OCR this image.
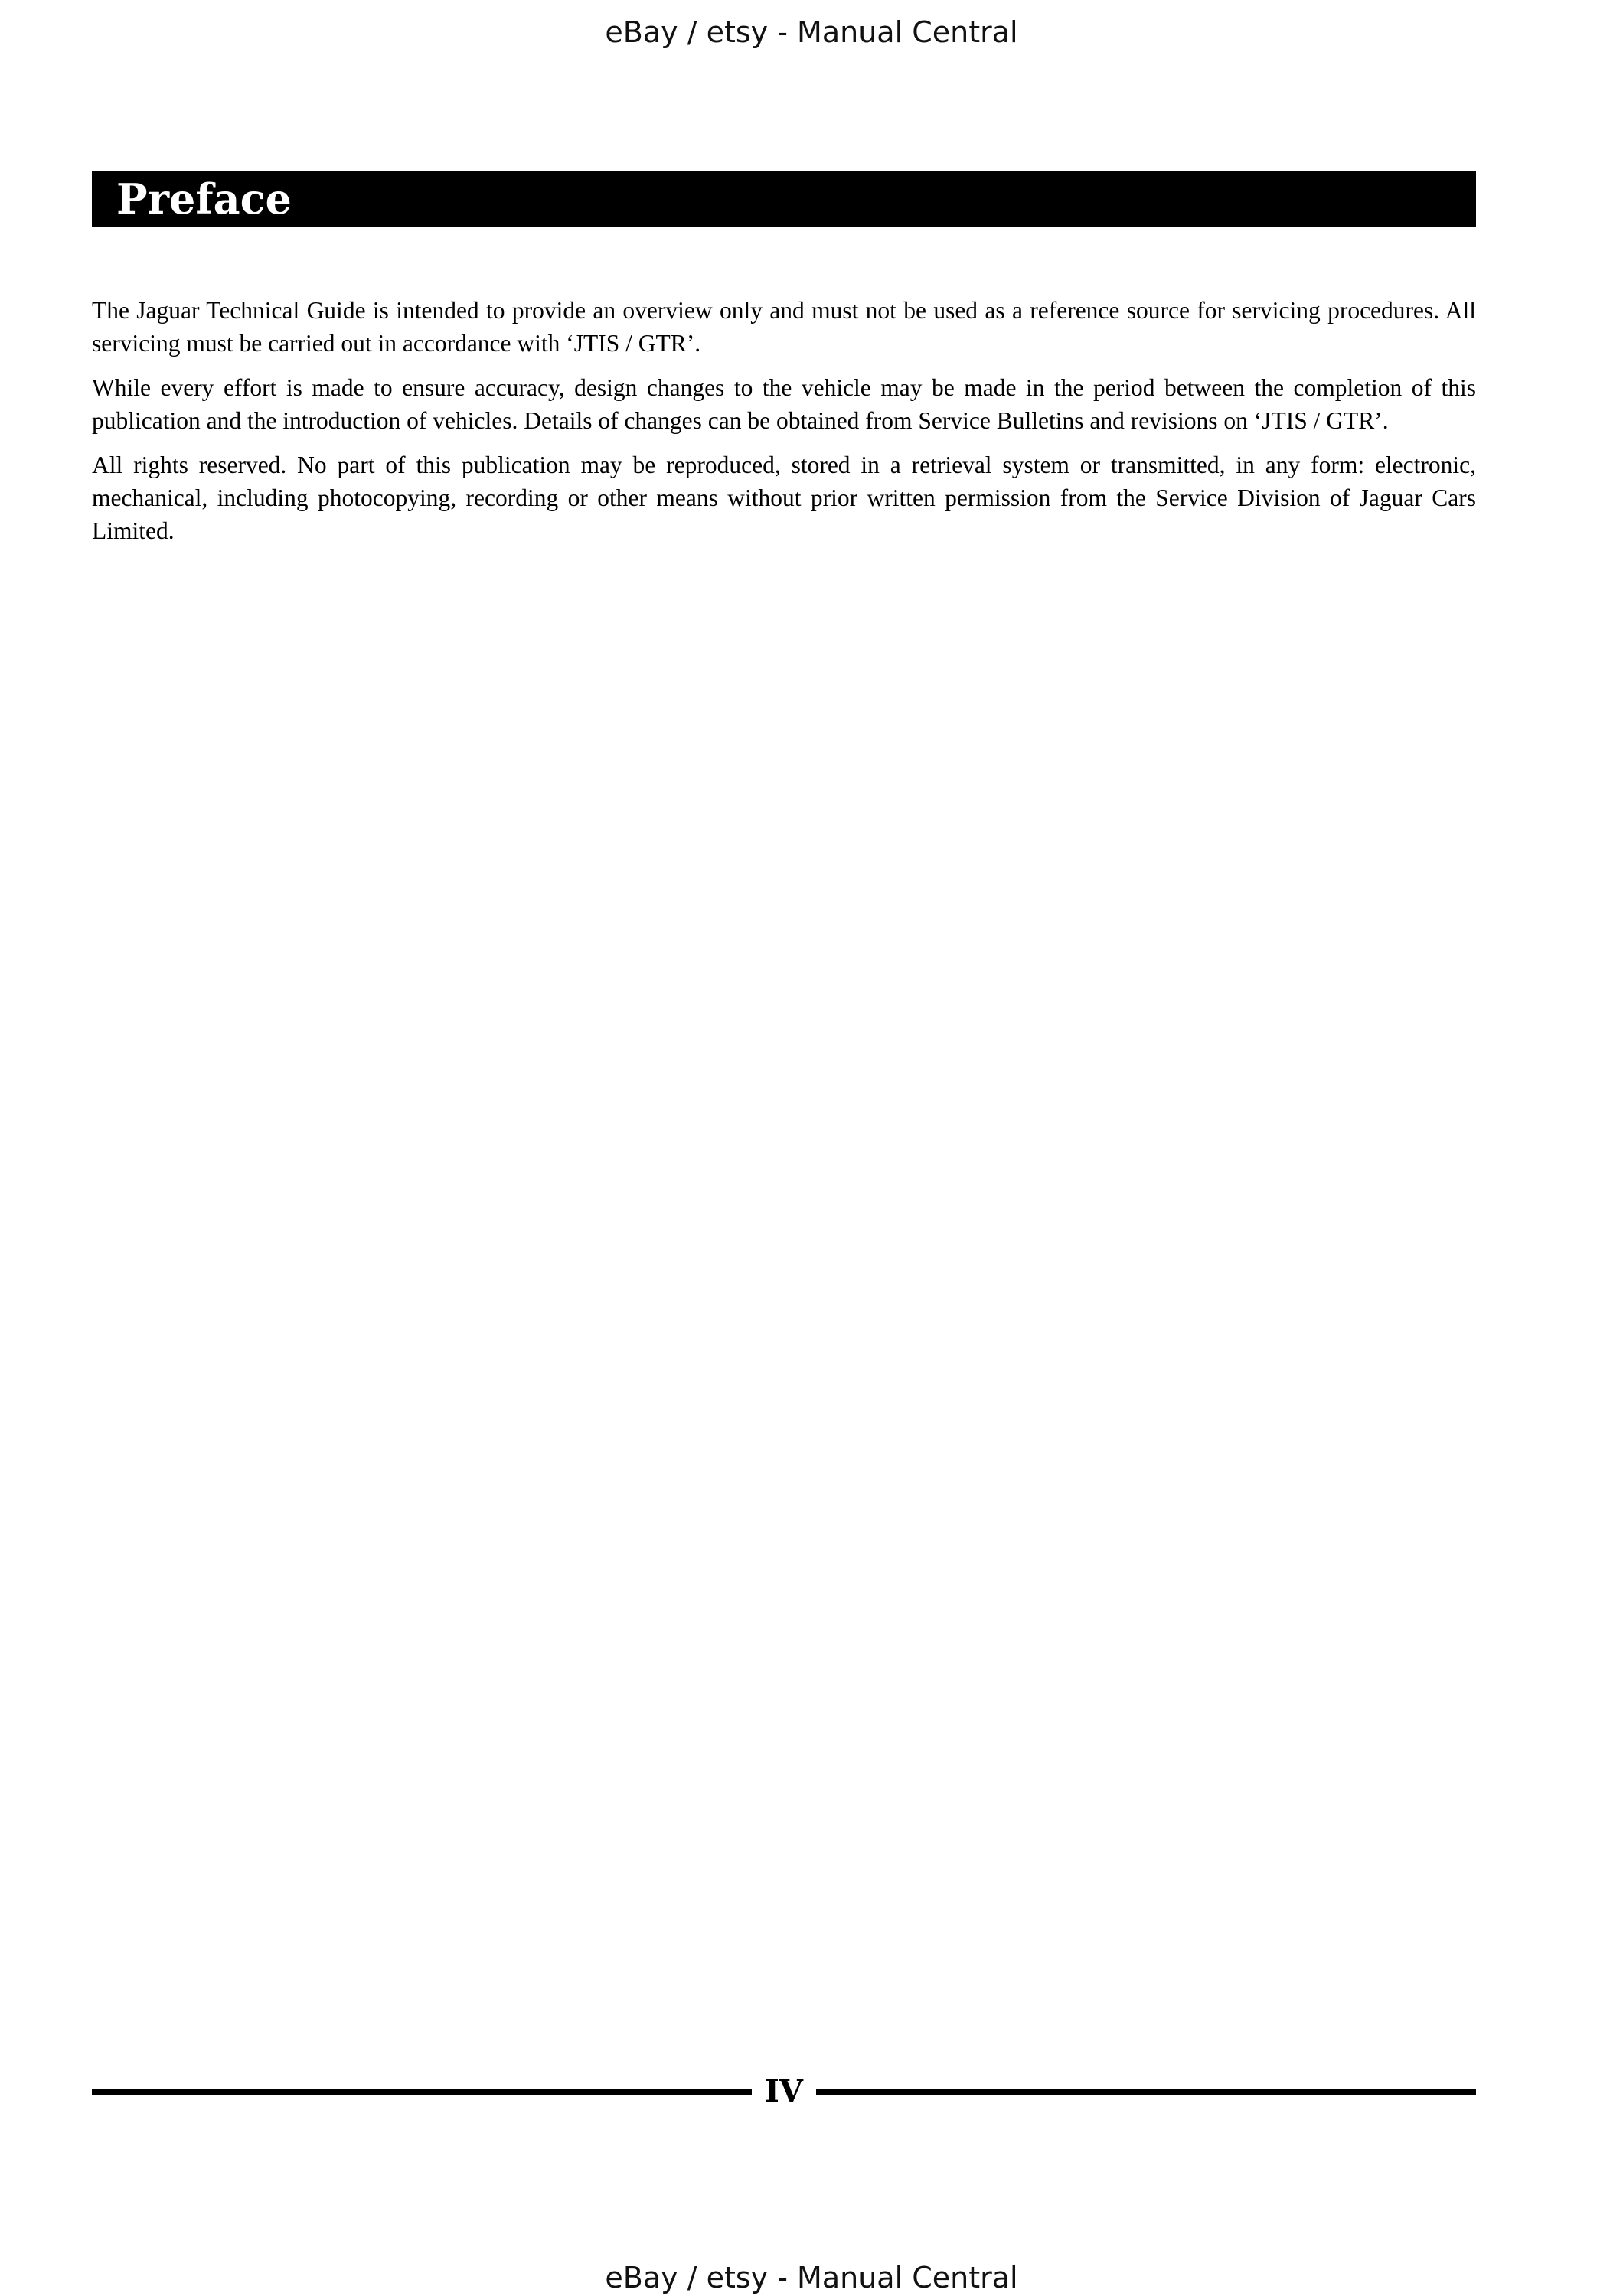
eBay / etsy - Manual Central
Preface

The Jaguar Technical Guide is intended to provide an overview only and must not be used as a reference source for servicing procedures. All servicing must be carried out in accordance with ‘JTIS / GTR’.

While every effort is made to ensure accuracy, design changes to the vehicle may be made in the period between the completion of this publication and the introduction of vehicles. Details of changes can be obtained from Service Bulletins and revisions on ‘JTIS / GTR’.

All rights reserved. No part of this publication may be reproduced, stored in a retrieval system or transmitted, in any form: electronic, mechanical, including photocopying, recording or other means without prior written permission from the Service Division of Jaguar Cars Limited.

IV
eBay / etsy - Manual Central
